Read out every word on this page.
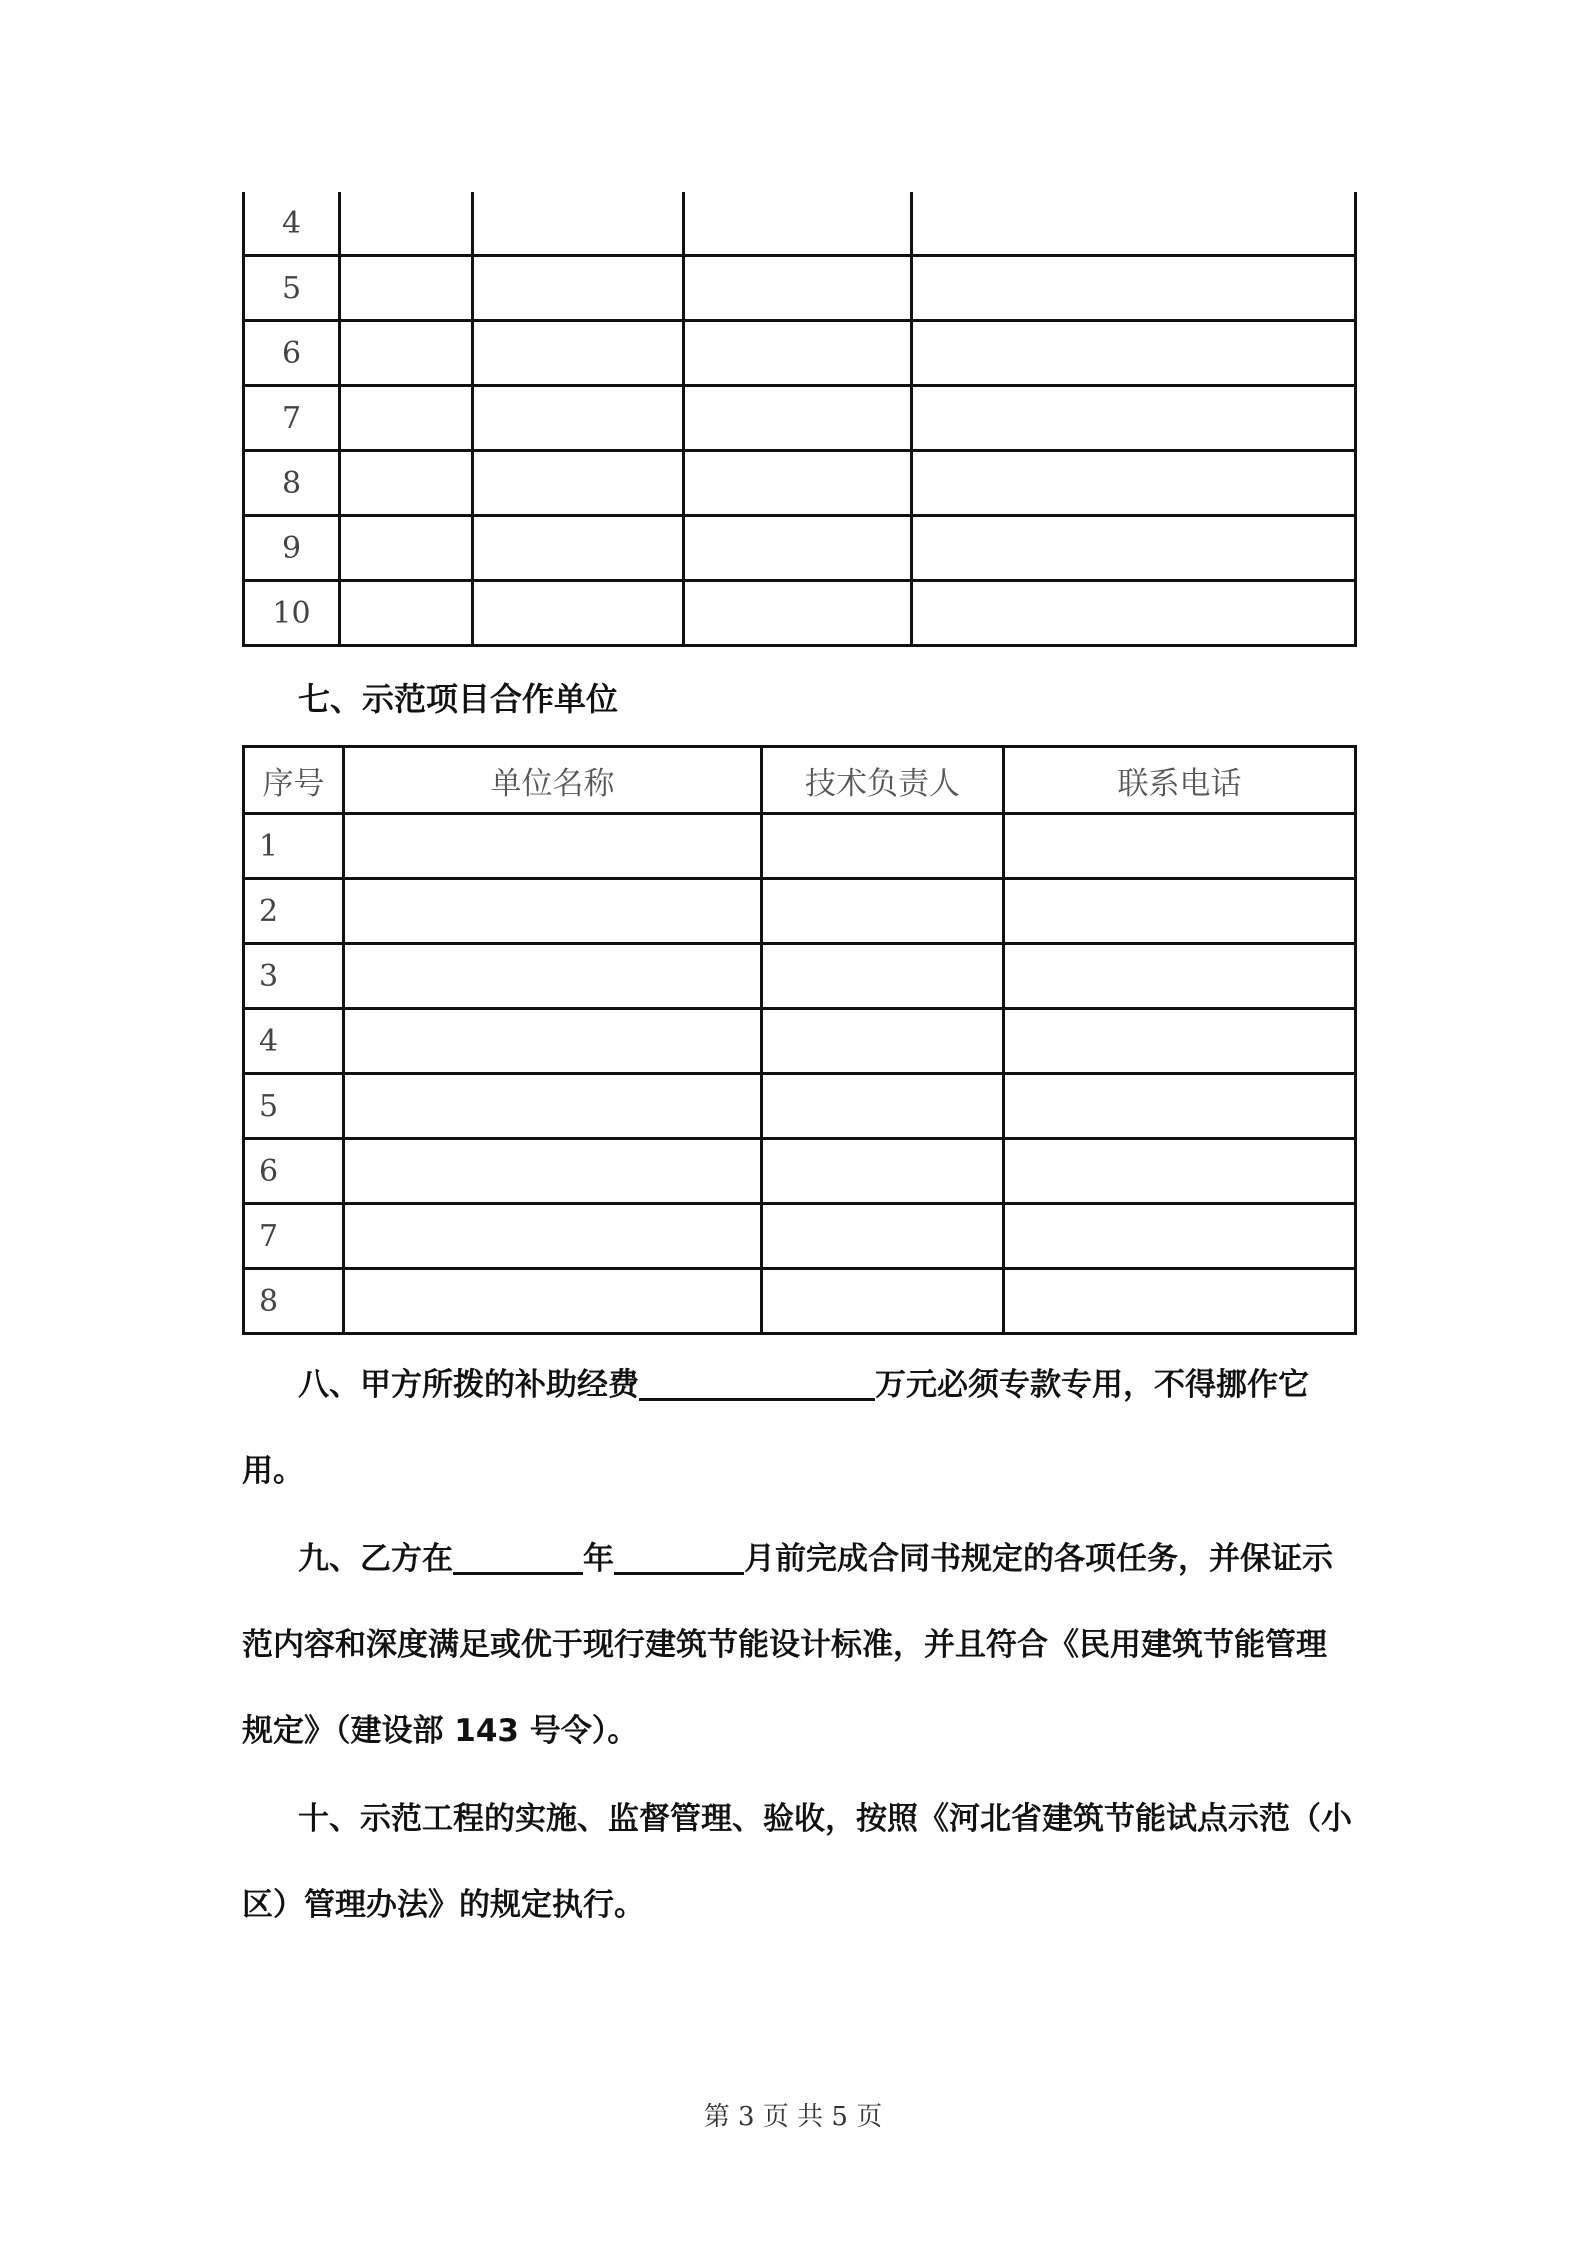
4				
5				
6				
7				
8				
9				
10				
七、示范项目合作单位
序号	单位名称	技术负责人	联系电话
1			
2			
3			
4			
5			
6			
7			
8			

八、甲方所拨的补助经费	万元必须专款专用，不得挪作它用。

九、乙方在	年	月前完成合同书规定的各项任务，并保证示范内容和深度满足或优于现行建筑节能设计标准，并且符合《民用建筑节能管理规定》（建设部 143 号令）。

十、示范工程的实施、监督管理、验收，按照《河北省建筑节能试点示范（小区）管理办法》的规定执行。

第 3 页 共 5 页
